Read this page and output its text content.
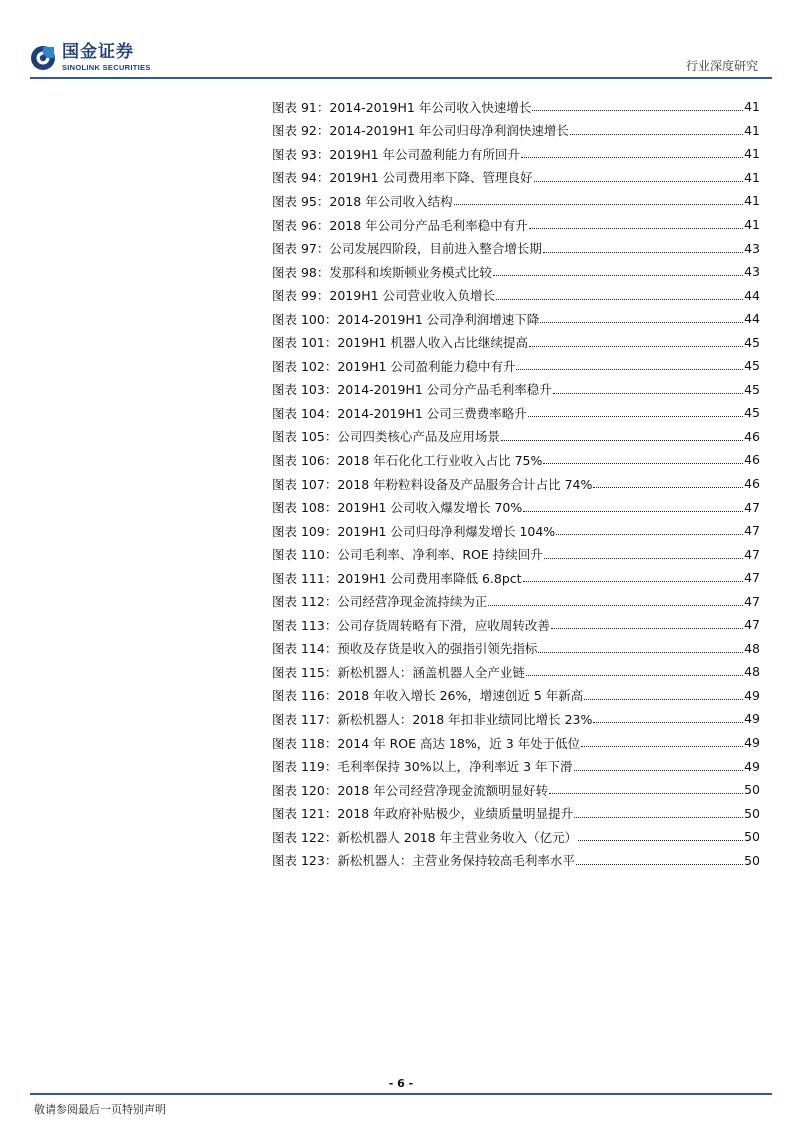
国金证券
SINOLINK SECURITIES	行业深度研究
图表 91：2014-2019H1 年公司收入快速增长	41
图表 92：2014-2019H1 年公司归母净利润快速增长	41
图表 93：2019H1 年公司盈利能力有所回升	41
图表 94：2019H1 公司费用率下降、管理良好	41
图表 95：2018 年公司收入结构	41
图表 96：2018 年公司分产品毛利率稳中有升	41
图表 97：公司发展四阶段，目前进入整合增长期	43
图表 98：发那科和埃斯顿业务模式比较	43
图表 99：2019H1 公司营业收入负增长	44
图表 100：2014-2019H1 公司净利润增速下降	44
图表 101：2019H1 机器人收入占比继续提高	45
图表 102：2019H1 公司盈利能力稳中有升	45
图表 103：2014-2019H1 公司分产品毛利率稳升	45
图表 104：2014-2019H1 公司三费费率略升	45
图表 105：公司四类核心产品及应用场景	46
图表 106：2018 年石化化工行业收入占比 75%	46
图表 107：2018 年粉粒料设备及产品服务合计占比 74%	46
图表 108：2019H1 公司收入爆发增长 70%	47
图表 109：2019H1 公司归母净利爆发增长 104%	47
图表 110：公司毛利率、净利率、ROE 持续回升	47
图表 111：2019H1 公司费用率降低 6.8pct	47
图表 112：公司经营净现金流持续为正	47
图表 113：公司存货周转略有下滑，应收周转改善	47
图表 114：预收及存货是收入的强指引领先指标	48
图表 115：新松机器人：涵盖机器人全产业链	48
图表 116：2018 年收入增长 26%，增速创近 5 年新高	49
图表 117：新松机器人：2018 年扣非业绩同比增长 23%	49
图表 118：2014 年 ROE 高达 18%，近 3 年处于低位	49
图表 119：毛利率保持 30%以上，净利率近 3 年下滑	49
图表 120：2018 年公司经营净现金流额明显好转	50
图表 121：2018 年政府补贴极少，业绩质量明显提升	50
图表 122：新松机器人 2018 年主营业务收入（亿元）	50
图表 123：新松机器人：主营业务保持较高毛利率水平	50
- 6 -
敬请参阅最后一页特别声明
